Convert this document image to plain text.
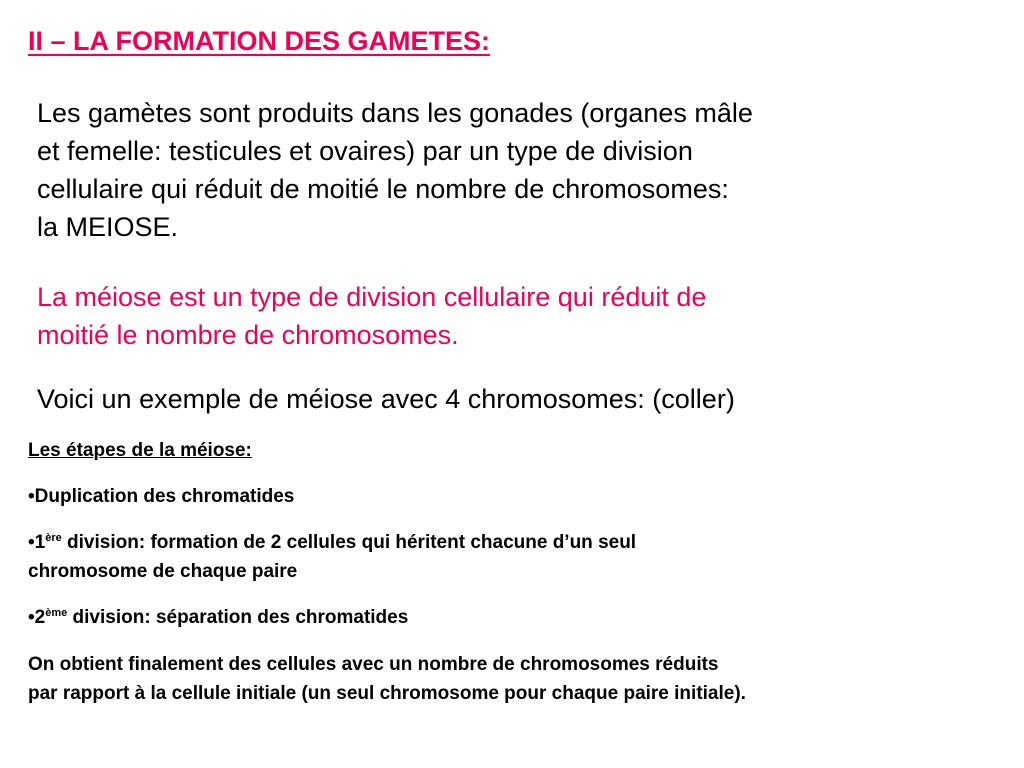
II – LA FORMATION DES GAMETES:
Les gamètes sont produits dans les gonades (organes mâle
et femelle: testicules et ovaires) par un type de division
cellulaire qui réduit de moitié le nombre de chromosomes:
la MEIOSE.
La méiose est un type de division cellulaire qui réduit de
moitié le nombre de chromosomes.
Voici un exemple de méiose avec 4 chromosomes: (coller)
Les étapes de la méiose:
•Duplication des chromatides
•1ère division: formation de 2 cellules qui héritent chacune d’un seul
chromosome de chaque paire
•2ème division: séparation des chromatides
On obtient finalement des cellules avec un nombre de chromosomes réduits
par rapport à la cellule initiale (un seul chromosome pour chaque paire initiale).
